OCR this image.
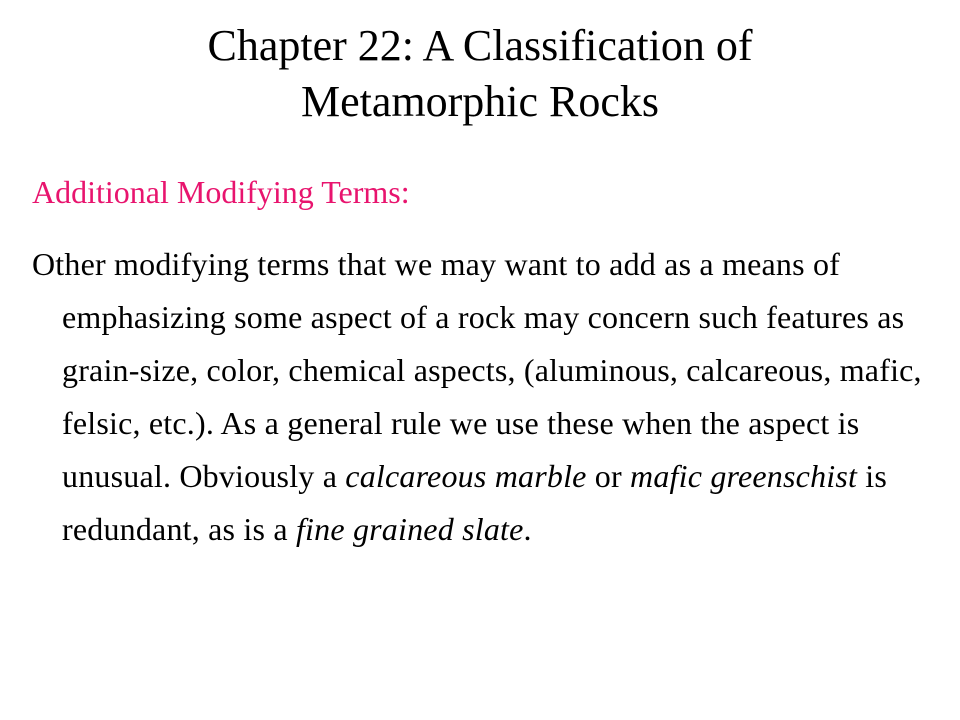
Chapter 22: A Classification of
Metamorphic Rocks
Additional Modifying Terms:
Other modifying terms that we may want to add as a means of emphasizing some aspect of a rock may concern such features as grain-size, color, chemical aspects, (aluminous, calcareous, mafic, felsic, etc.). As a general rule we use these when the aspect is unusual. Obviously a calcareous marble or mafic greenschist is redundant, as is a fine grained slate.
